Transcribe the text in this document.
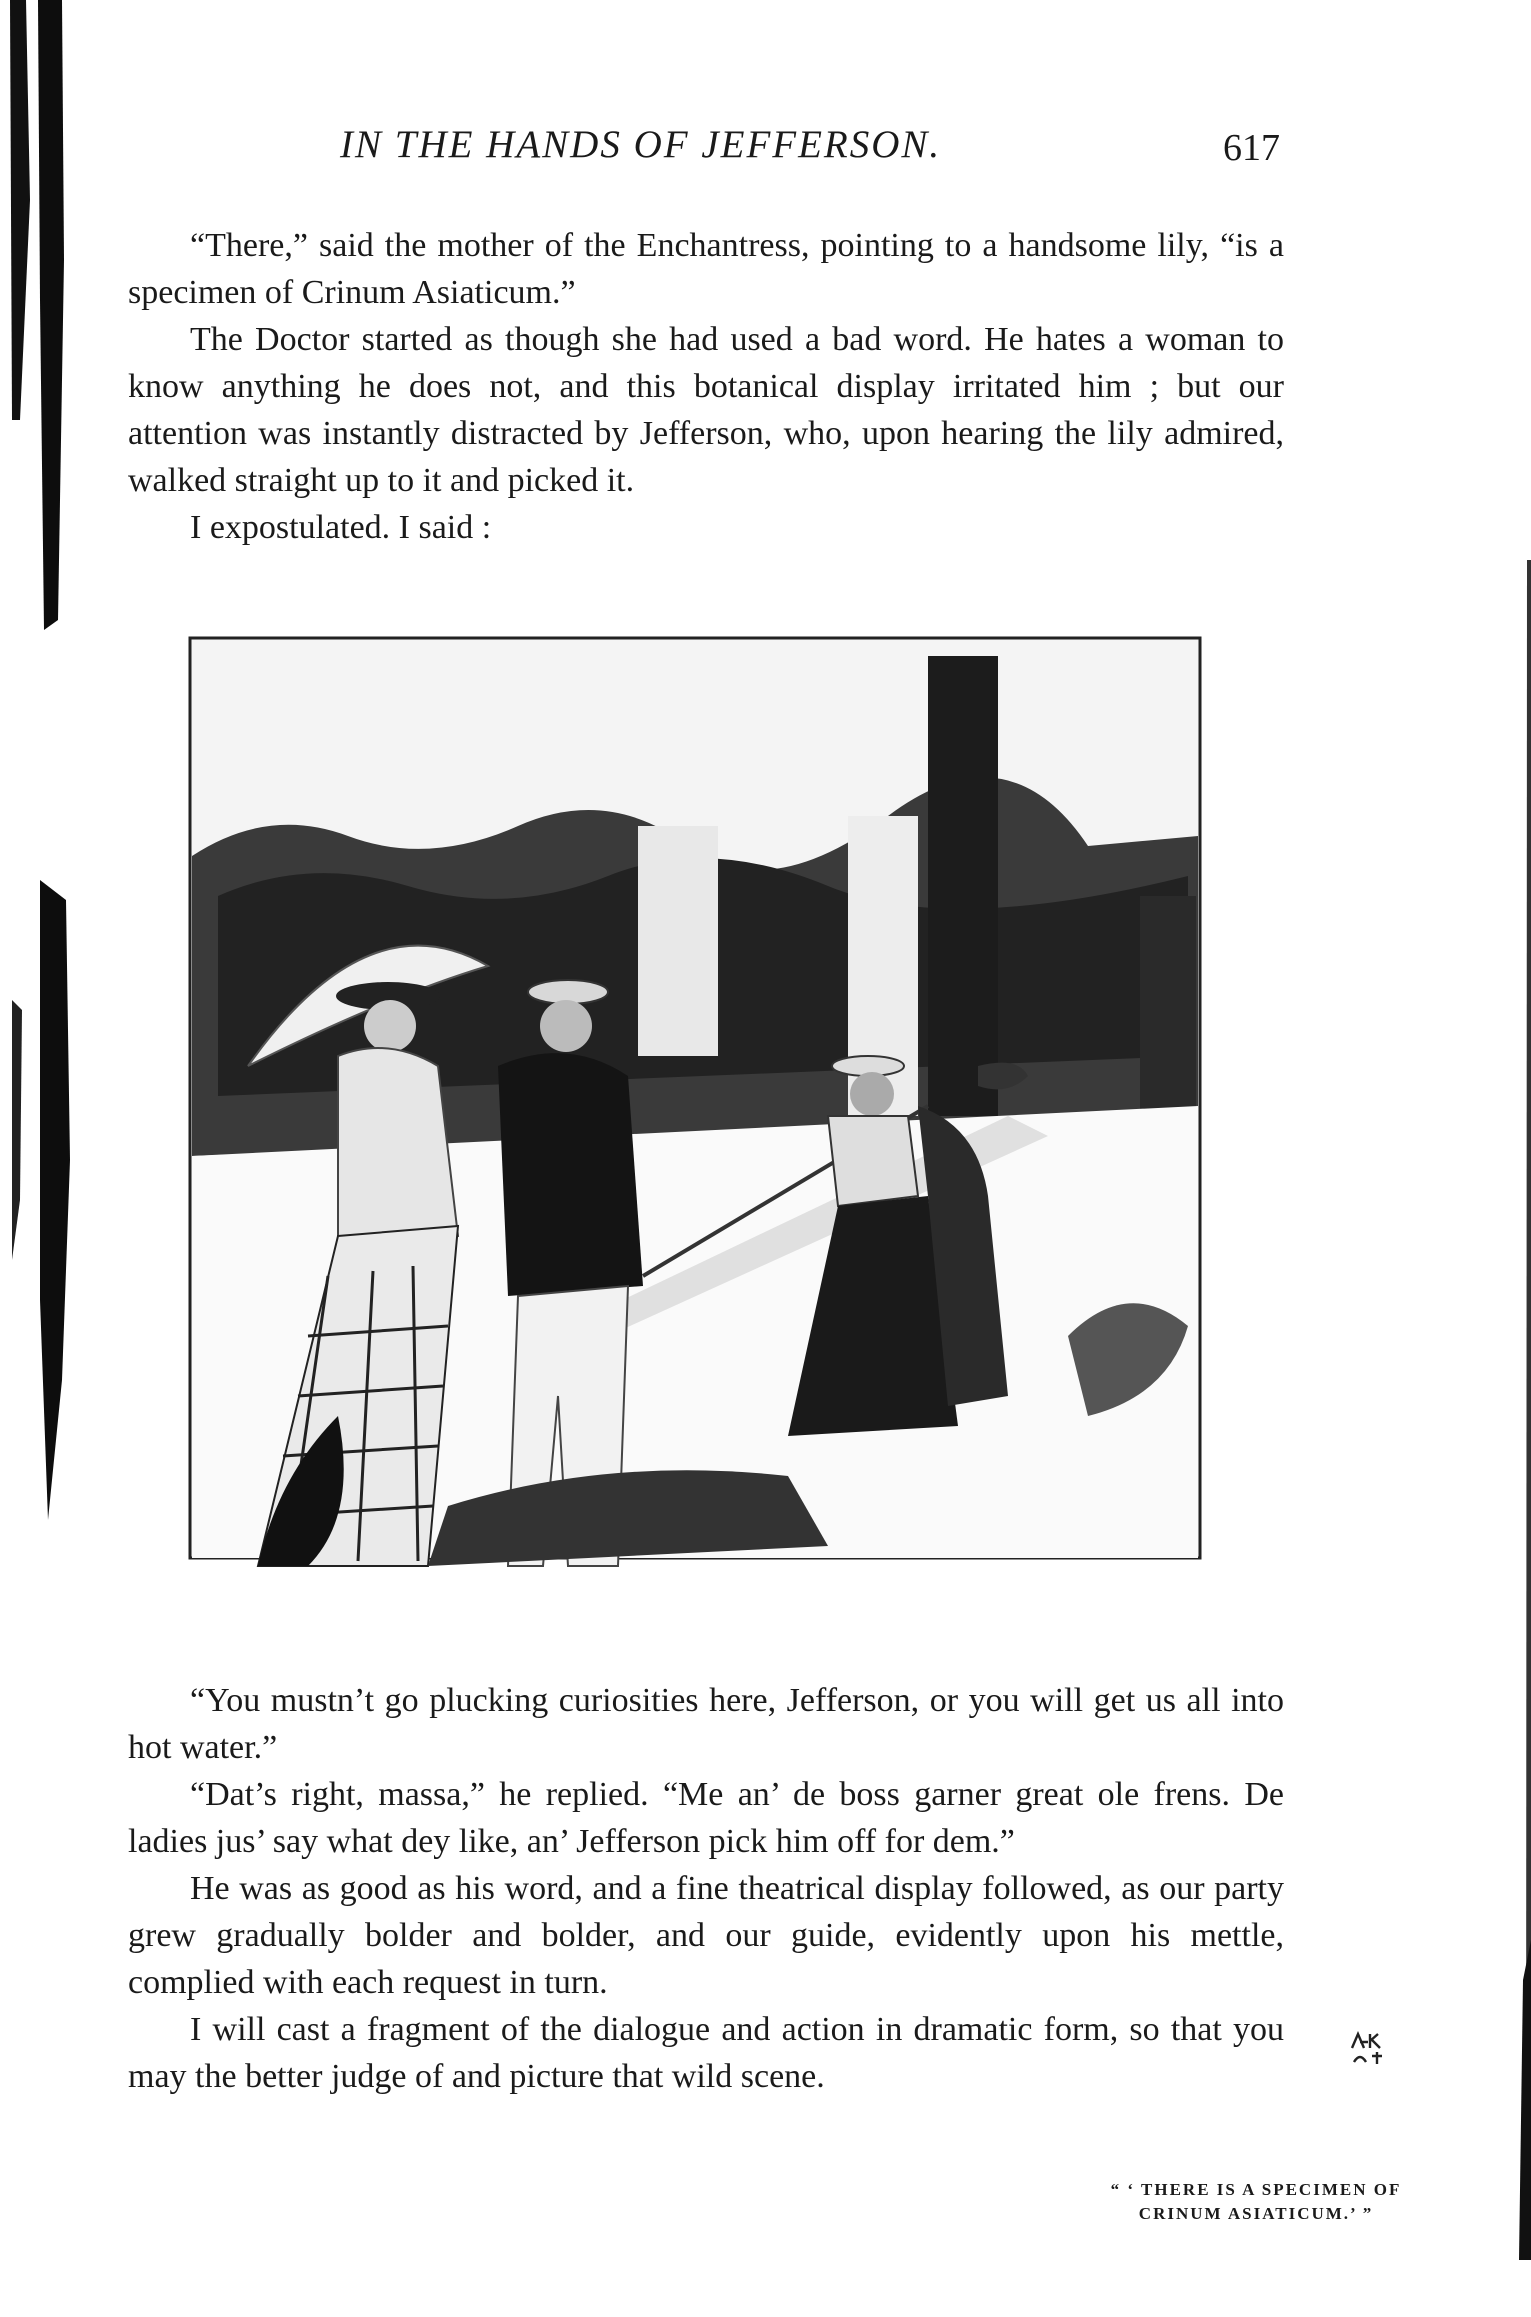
IN THE HANDS OF JEFFERSON.	617

“There,” said the mother of the Enchantress, pointing to a handsome lily, “is a specimen of Crinum Asiaticum.”

The Doctor started as though she had used a bad word. He hates a woman to know anything he does not, and this botanical display irritated him ; but our attention was instantly distracted by Jefferson, who, upon hearing the lily admired, walked straight up to it and picked it.

I expostulated. I said :

“ ‘ THERE IS A SPECIMEN OF
CRINUM ASIATICUM.’ ”

“You mustn’t go plucking curiosities here, Jefferson, or you will get us all into hot water.”

“Dat’s right, massa,” he replied. “Me an’ de boss garner great ole frens. De ladies jus’ say what dey like, an’ Jefferson pick him off for dem.”

He was as good as his word, and a fine theatrical display followed, as our party grew gradually bolder and bolder, and our guide, evidently upon his mettle, complied with each request in turn.

I will cast a fragment of the dialogue and action in dramatic form, so that you may the better judge of and picture that wild scene.
